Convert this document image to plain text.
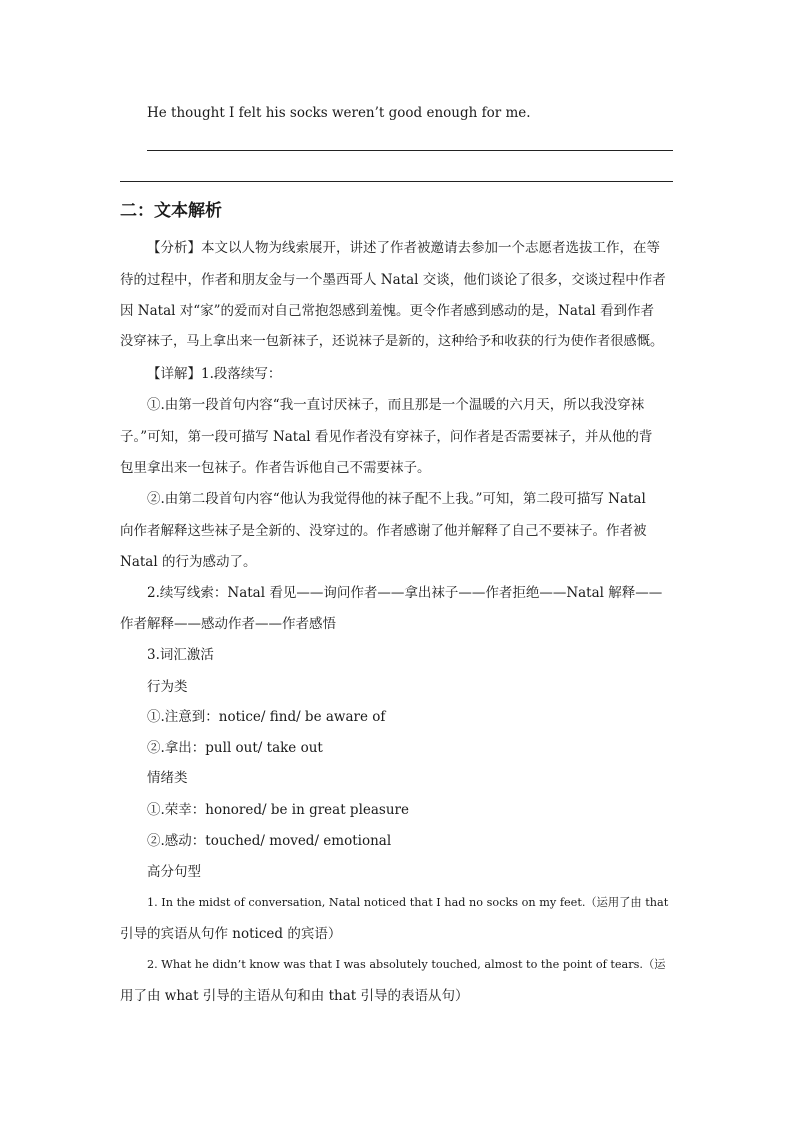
He thought I felt his socks weren’t good enough for me.
二：文本解析
【分析】本文以人物为线索展开，讲述了作者被邀请去参加一个志愿者选拔工作，在等
待的过程中，作者和朋友金与一个墨西哥人 Natal 交谈，他们谈论了很多，交谈过程中作者
因 Natal 对“家”的爱而对自己常抱怨感到羞愧。更令作者感到感动的是，Natal 看到作者
没穿袜子，马上拿出来一包新袜子，还说袜子是新的，这种给予和收获的行为使作者很感慨。
【详解】1.段落续写：
①.由第一段首句内容“我一直讨厌袜子，而且那是一个温暖的六月天，所以我没穿袜
子。”可知，第一段可描写 Natal 看见作者没有穿袜子，问作者是否需要袜子，并从他的背
包里拿出来一包袜子。作者告诉他自己不需要袜子。
②.由第二段首句内容“他认为我觉得他的袜子配不上我。”可知，第二段可描写 Natal
向作者解释这些袜子是全新的、没穿过的。作者感谢了他并解释了自己不要袜子。作者被
Natal 的行为感动了。
2.续写线索：Natal 看见——询问作者——拿出袜子——作者拒绝——Natal 解释——
作者解释——感动作者——作者感悟
3.词汇激活
行为类
①.注意到：notice/ find/ be aware of
②.拿出：pull out/ take out
情绪类
①.荣幸：honored/ be in great pleasure
②.感动：touched/ moved/ emotional
高分句型
1. In the midst of conversation, Natal noticed that I had no socks on my feet.（运用了由 that
引导的宾语从句作 noticed 的宾语）
2. What he didn’t know was that I was absolutely touched, almost to the point of tears.（运
用了由 what 引导的主语从句和由 that 引导的表语从句）
